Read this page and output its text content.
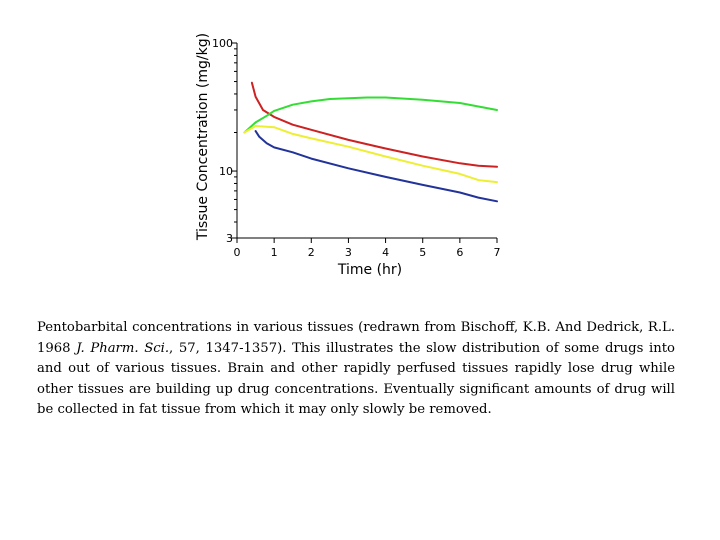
0	1	2	3	4	5	6	7
100
10
3
Time (hr)
Tissue Concentration (mg/kg)

Pentobarbital concentrations in various tissues (redrawn from Bischoff, K.B. And Dedrick, R.L. 1968 J. Pharm. Sci., 57, 1347-1357). This illustrates the slow distribution of some drugs into and out of various tissues. Brain and other rapidly perfused tissues rapidly lose drug while other tissues are building up drug concentrations. Eventually significant amounts of drug will be collected in fat tissue from which it may only slowly be removed.
